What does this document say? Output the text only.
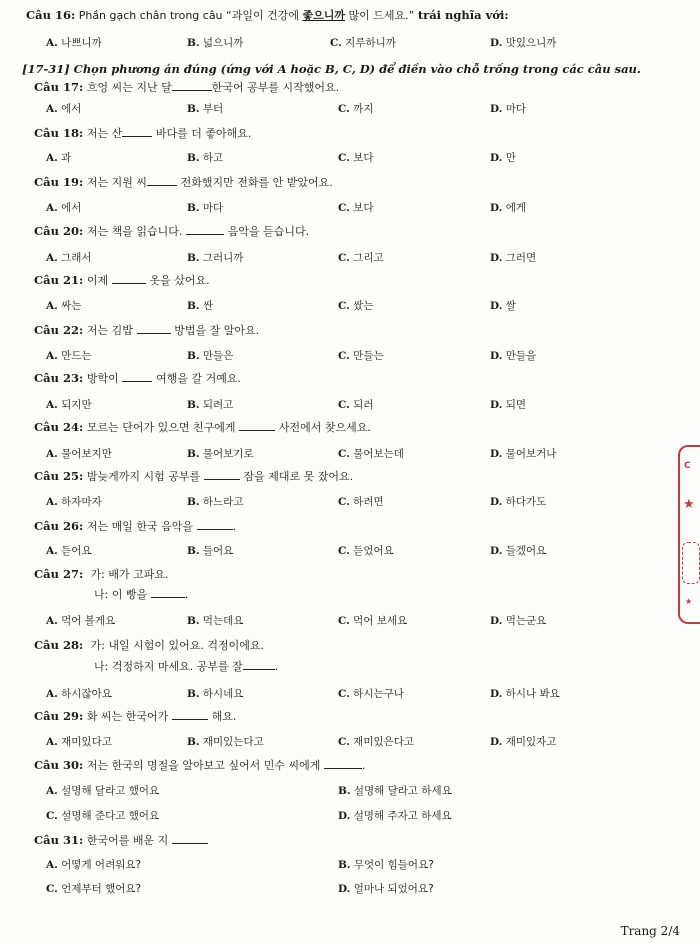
Câu 16: Phần gạch chân trong câu “과일이 건강에 좋으니까 많이 드세요.” trái nghĩa với:
A. 나쁘니까	B. 넓으니까	C. 지루하니까	D. 맛있으니까
[17-31] Chọn phương án đúng (ứng với A hoặc B, C, D) để điền vào chỗ trống trong các câu sau.
Câu 17: 흐엉 씨는 지난 달	한국어 공부를 시작했어요.
A. 에서	B. 부터	C. 까지	D. 마다
Câu 18: 저는 산	바다를 더 좋아해요.
A. 과	B. 하고	C. 보다	D. 만
Câu 19: 저는 지원 씨	전화했지만 전화를 안 받았어요.
A. 에서	B. 마다	C. 보다	D. 에게
Câu 20: 저는 책을 읽습니다.	음악을 듣습니다.
A. 그래서	B. 그러니까	C. 그리고	D. 그러면
Câu 21: 이제	옷을 샀어요.
A. 싸는	B. 싼	C. 쌌는	D. 쌀
Câu 22: 저는 김밥	방법을 잘 알아요.
A. 만드는	B. 만들은	C. 만들는	D. 만들을
Câu 23: 방학이	여행을 갈 거예요.
A. 되지만	B. 되려고	C. 되러	D. 되면
Câu 24: 모르는 단어가 있으면 친구에게	사전에서 찾으세요.
A. 물어보지만	B. 물어보기로	C. 물어보는데	D. 물어보거나
Câu 25: 밤늦게까지 시험 공부를	잠을 제대로 못 잤어요.
A. 하자마자	B. 하느라고	C. 하려면	D. 하다가도
Câu 26: 저는 매일 한국 음악을	.
A. 듣어요	B. 들어요	C. 듣었어요	D. 들겠어요
Câu 27: 가: 배가 고파요.
나: 이 빵을	.
A. 먹어 볼게요	B. 먹는데요	C. 먹어 보세요	D. 먹는군요
Câu 28: 가: 내일 시험이 있어요. 걱정이에요.
나: 걱정하지 마세요. 공부를 잘	.
A. 하시잖아요	B. 하시네요	C. 하시는구나	D. 하시나 봐요
Câu 29: 화 씨는 한국어가	해요.
A. 재미있다고	B. 재미있는다고	C. 재미있은다고	D. 재미있자고
Câu 30: 저는 한국의 명절을 알아보고 싶어서 민수 씨에게	.
A. 설명해 달라고 했어요	B. 설명해 달라고 하세요
C. 설명해 준다고 했어요	D. 설명해 주자고 하세요
Câu 31: 한국어를 배운 지
A. 어떻게 어려워요?	B. 무엇이 힘들어요?
C. 언제부터 했어요?	D. 얼마나 되었어요?
C
★
★
Trang 2/4
